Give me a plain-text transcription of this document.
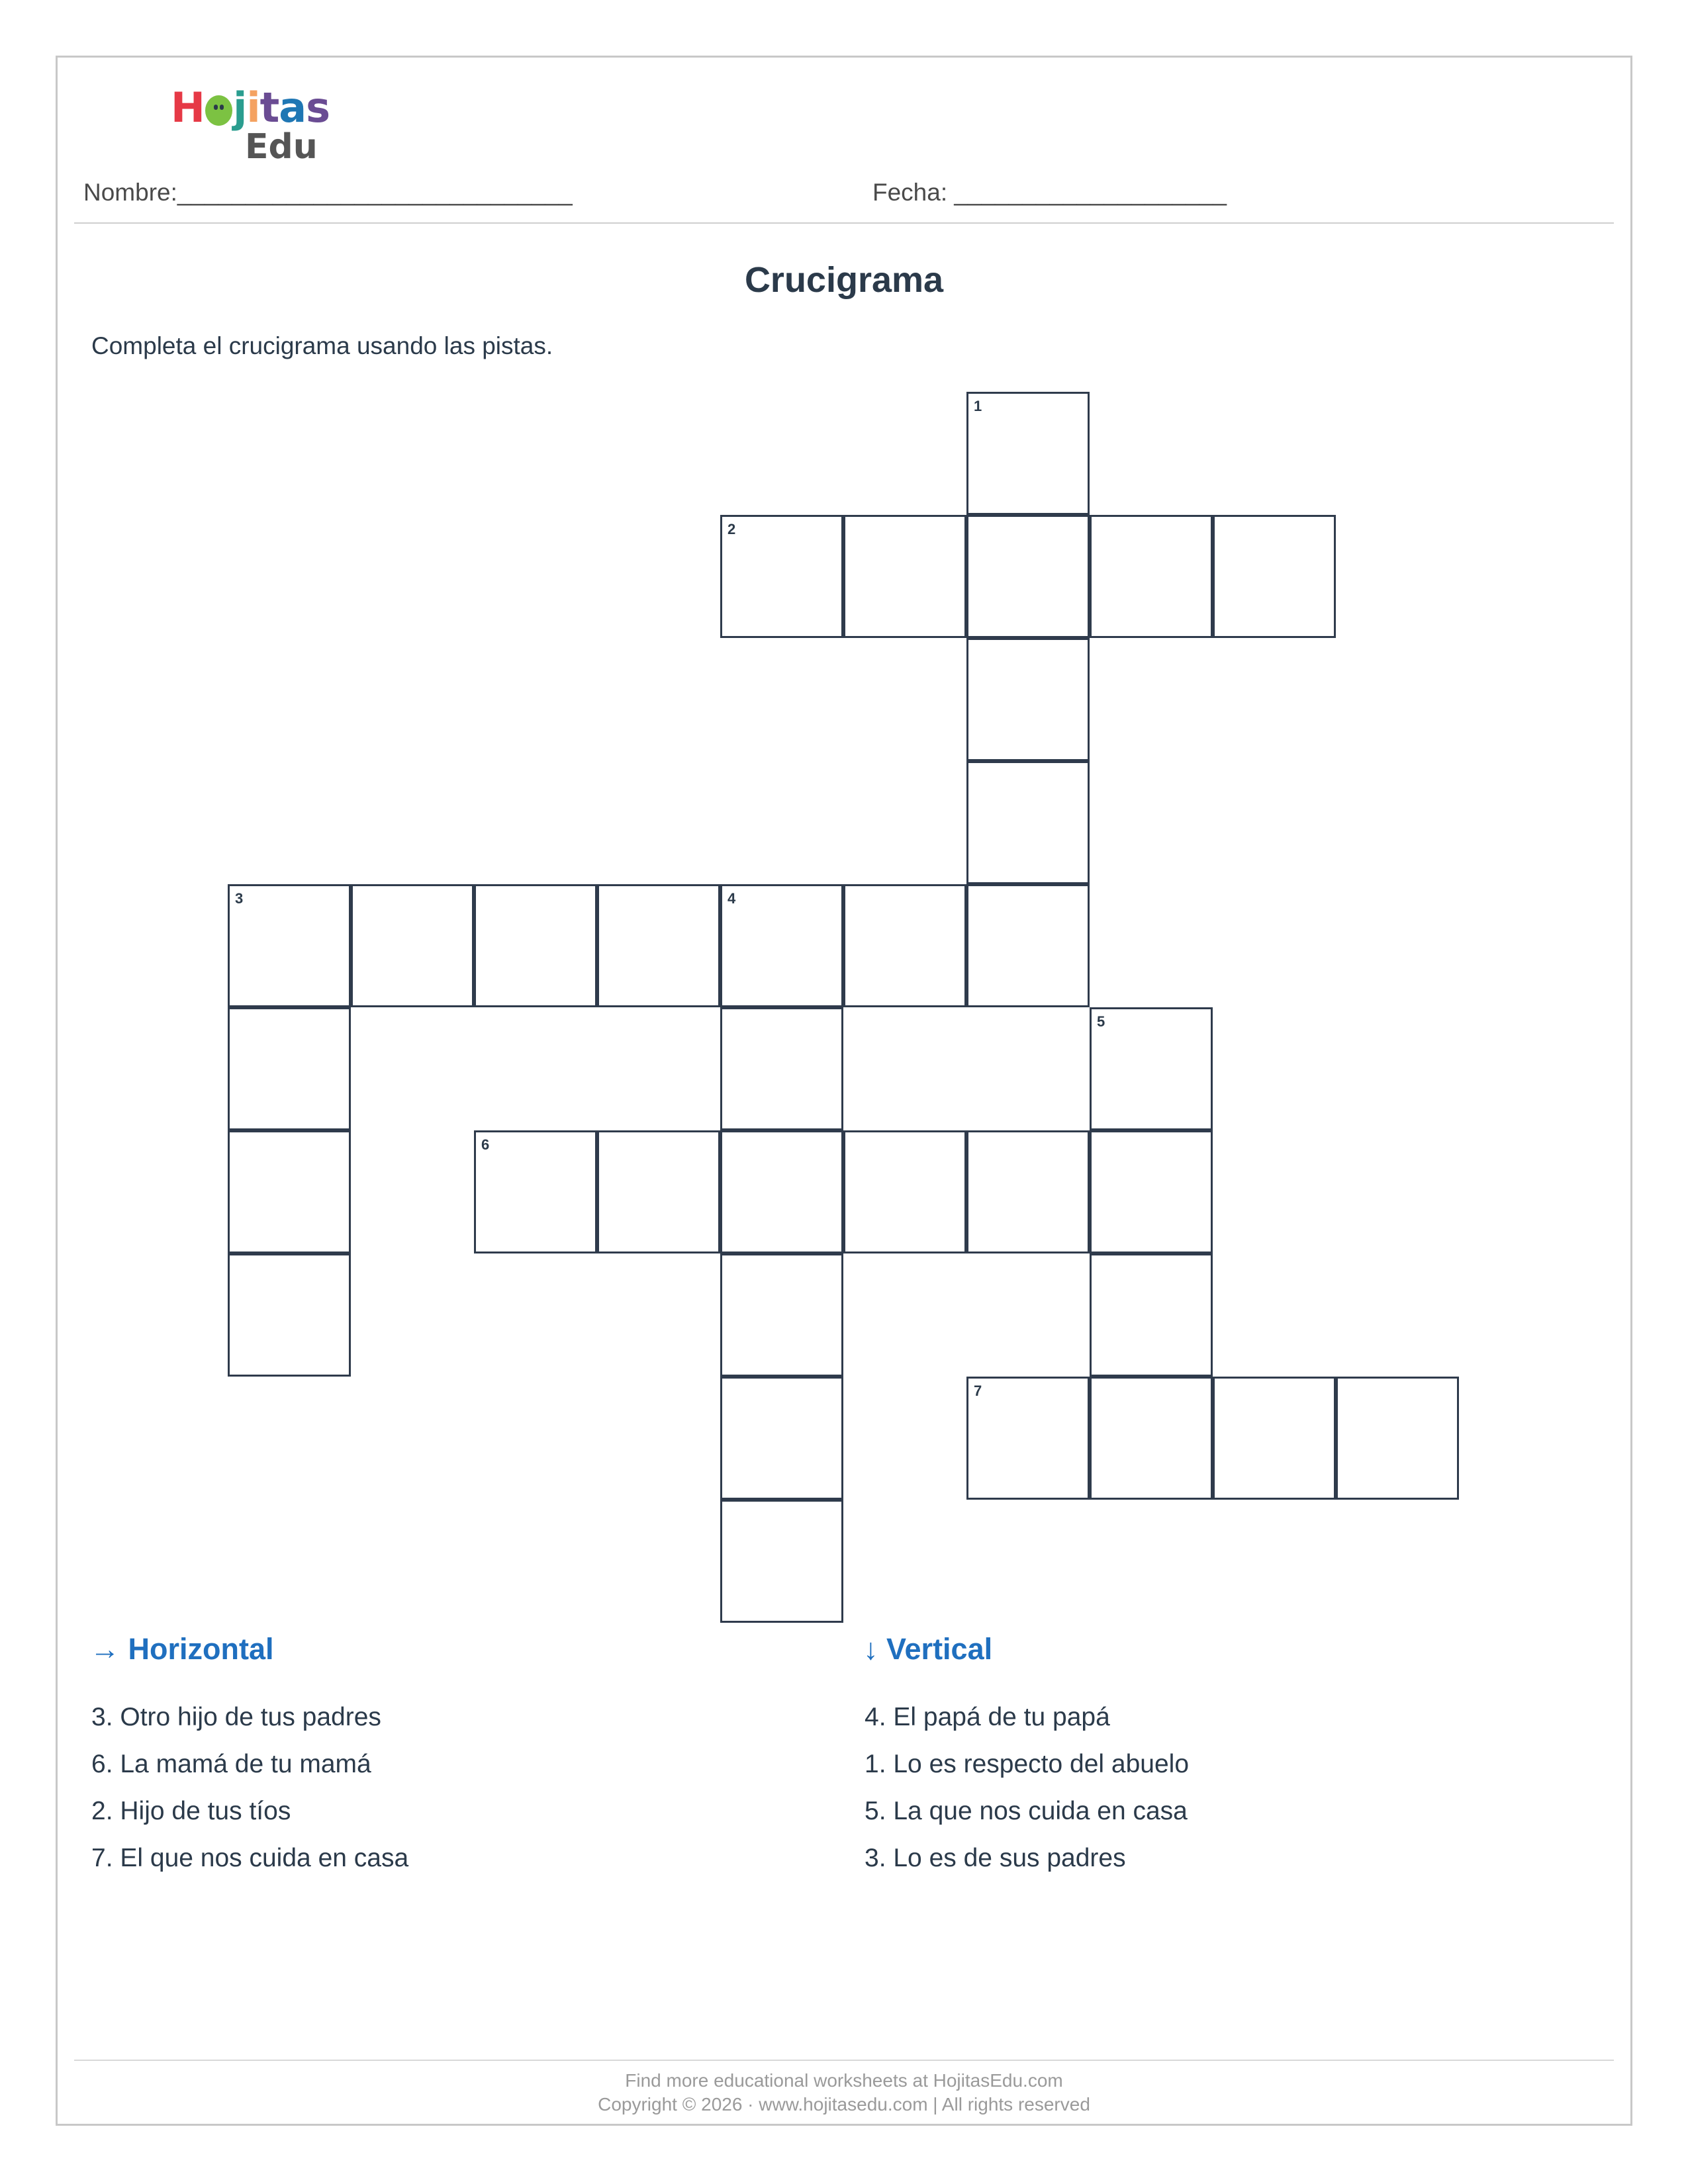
H j i t a s
Edu
Nombre:_____________________________	Fecha: ____________________
Crucigrama
Completa el crucigrama usando las pistas.
1
2
3	4
5
6
7
→ Horizontal
3. Otro hijo de tus padres
6. La mamá de tu mamá
2. Hijo de tus tíos
7. El que nos cuida en casa
↓ Vertical
4. El papá de tu papá
1. Lo es respecto del abuelo
5. La que nos cuida en casa
3. Lo es de sus padres
Find more educational worksheets at HojitasEdu.com
Copyright © 2026 · www.hojitasedu.com | All rights reserved
